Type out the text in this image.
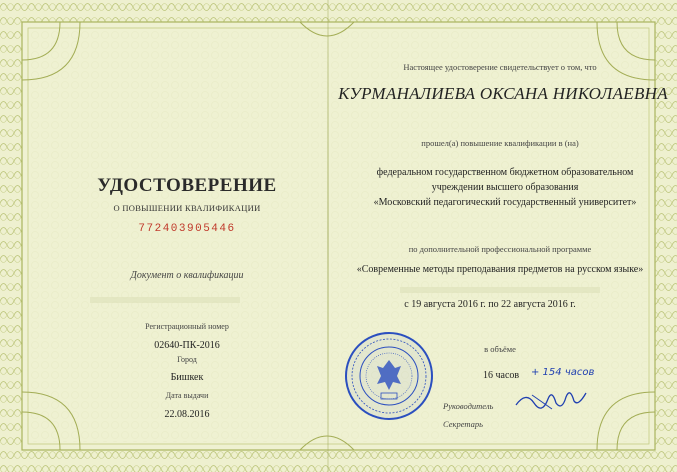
УДОСТОВЕРЕНИЕ
О ПОВЫШЕНИИ КВАЛИФИКАЦИИ
772403905446
Документ о квалификации
Регистрационный номер
02640-ПК-2016
Город
Бишкек
Дата выдачи
22.08.2016
Настоящее удостоверение свидетельствует о том, что
КУРМАНАЛИЕВА ОКСАНА НИКОЛАЕВНА
прошел(а) повышение квалификации в (на)
федеральном государственном бюджетном образовательном
учреждении высшего образования
«Московский педагогический государственный университет»
по дополнительной профессиональной программе
«Современные методы преподавания предметов на русском языке»
с 19 августа 2016 г. по 22 августа 2016 г.
в объёме
16 часов + 154 часов
Руководитель
Секретарь
